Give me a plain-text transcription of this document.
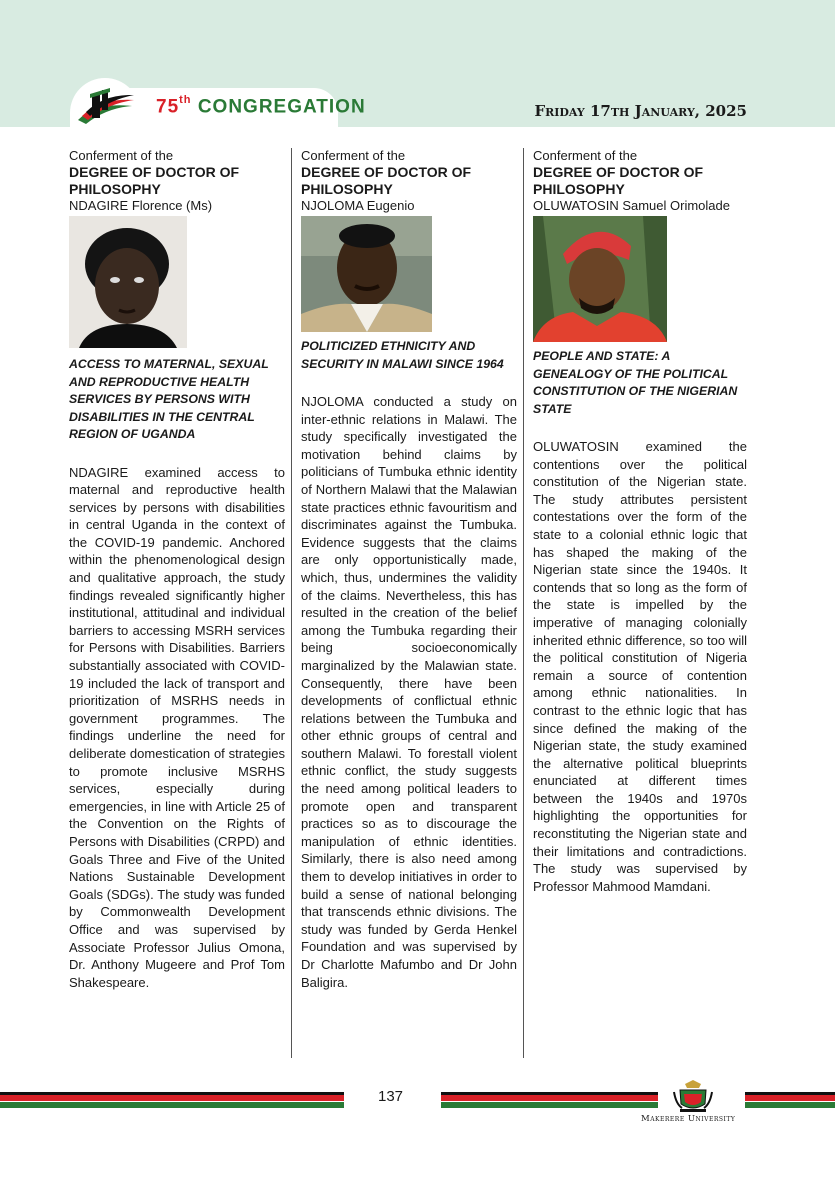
75th CONGREGATION	Friday 17th January, 2025

Conferment of the

DEGREE OF DOCTOR OF PHILOSOPHY

NDAGIRE Florence (Ms)

ACCESS TO MATERNAL, SEXUAL AND REPRODUCTIVE HEALTH SERVICES BY PERSONS WITH DISABILITIES IN THE CENTRAL REGION OF UGANDA

NDAGIRE examined access to maternal and reproductive health services by persons with disabilities in central Uganda in the context of the COVID-19 pandemic. Anchored within the phenomenological design and qualitative approach, the study findings revealed significantly higher institutional, attitudinal and individual barriers to accessing MSRH services for Persons with Disabilities. Barriers substantially associated with COVID-19 included the lack of transport and prioritization of MSRHS needs in government programmes. The findings underline the need for deliberate domestication of strategies to promote inclusive MSRHS services, especially during emergencies, in line with Article 25 of the Convention on the Rights of Persons with Disabilities (CRPD) and Goals Three and Five of the United Nations Sustainable Development Goals (SDGs). The study was funded by Commonwealth Development Office and was supervised by Associate Professor Julius Omona, Dr. Anthony Mugeere and Prof Tom Shakespeare.

Conferment of the

DEGREE OF DOCTOR OF PHILOSOPHY

NJOLOMA Eugenio

POLITICIZED ETHNICITY AND SECURITY IN MALAWI SINCE 1964

NJOLOMA conducted a study on inter-ethnic relations in Malawi. The study specifically investigated the motivation behind claims by politicians of Tumbuka ethnic identity of Northern Malawi that the Malawian state practices ethnic favouritism and discriminates against the Tumbuka. Evidence suggests that the claims are only opportunistically made, which, thus, undermines the validity of the claims. Nevertheless, this has resulted in the creation of the belief among the Tumbuka regarding their being socioeconomically marginalized by the Malawian state. Consequently, there have been developments of conflictual ethnic relations between the Tumbuka and other ethnic groups of central and southern Malawi. To forestall violent ethnic conflict, the study suggests the need among political leaders to promote open and transparent practices so as to discourage the manipulation of ethnic identities. Similarly, there is also need among them to develop initiatives in order to build a sense of national belonging that transcends ethnic divisions. The study was funded by Gerda Henkel Foundation and was supervised by Dr Charlotte Mafumbo and Dr John Baligira.

Conferment of the

DEGREE OF DOCTOR OF PHILOSOPHY

OLUWATOSIN Samuel Orimolade

PEOPLE AND STATE: A GENEALOGY OF THE POLITICAL CONSTITUTION OF THE NIGERIAN STATE

OLUWATOSIN examined the contentions over the political constitution of the Nigerian state. The study attributes persistent contestations over the form of the state to a colonial ethnic logic that has shaped the making of the Nigerian state since the 1940s. It contends that so long as the form of the state is impelled by the imperative of managing colonially inherited ethnic difference, so too will the political constitution of Nigeria remain a source of contention among ethnic nationalities. In contrast to the ethnic logic that has since defined the making of the Nigerian state, the study examined the alternative political blueprints enunciated at different times between the 1940s and 1970s highlighting the opportunities for reconstituting the Nigerian state and their limitations and contradictions. The study was supervised by Professor Mahmood Mamdani.

137
Makerere University
